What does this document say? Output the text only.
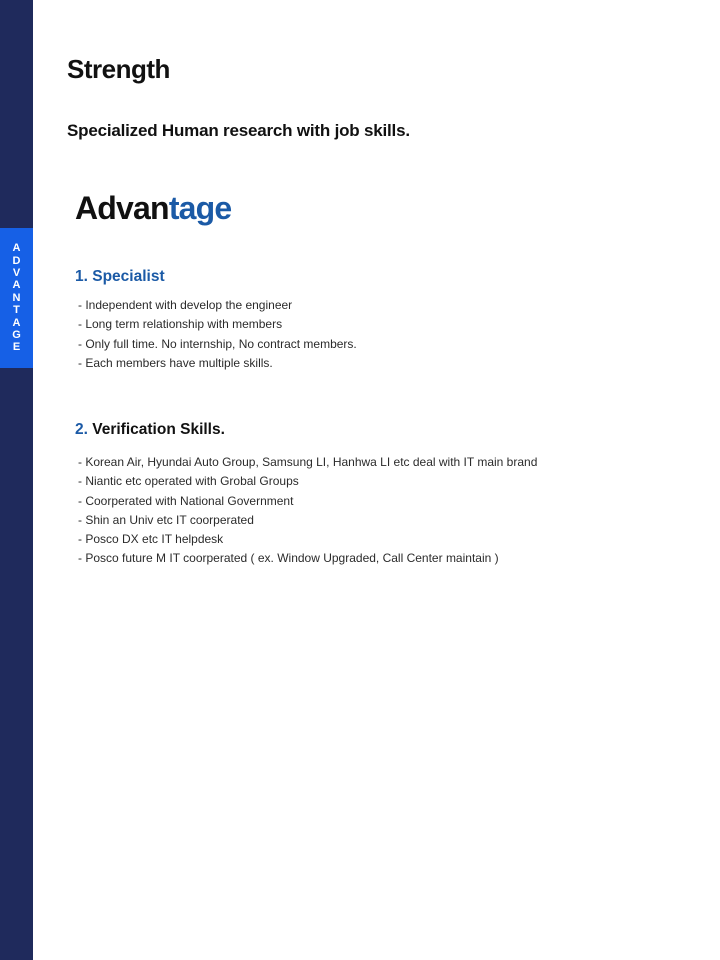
A
D
V
A
N
T
A
G
E
Strength

Specialized Human research with job skills.

Advantage
1. Specialist
- Independent with develop the engineer
- Long term relationship with members
- Only full time. No internship, No contract members.
- Each members have multiple skills.
2. Verification Skills.
- Korean Air, Hyundai Auto Group, Samsung LI, Hanhwa LI etc deal with IT main brand
- Niantic etc operated with Grobal Groups
- Coorperated with National Government
- Shin an Univ etc IT coorperated
- Posco DX etc IT helpdesk
- Posco future M IT coorperated ( ex. Window Upgraded, Call Center maintain )
